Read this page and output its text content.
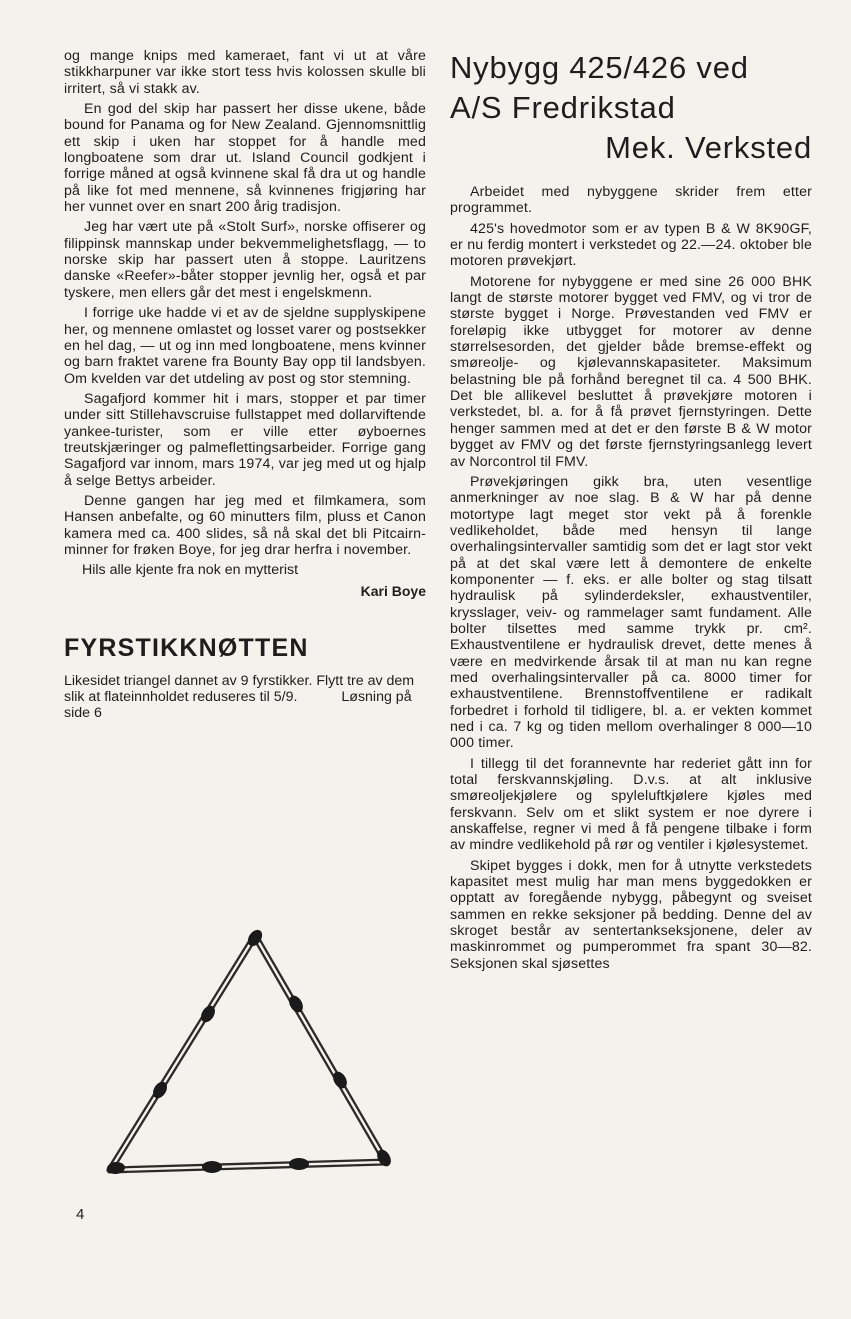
og mange knips med kameraet, fant vi ut at våre stikkharpuner var ikke stort tess hvis kolossen skulle bli irritert, så vi stakk av.

En god del skip har passert her disse ukene, både bound for Panama og for New Zealand. Gjennomsnittlig ett skip i uken har stoppet for å handle med longboatene som drar ut. Island Council godkjent i forrige måned at også kvinnene skal få dra ut og handle på like fot med mennene, så kvinnenes frigjøring har her vunnet over en snart 200 årig tradisjon.

Jeg har vært ute på «Stolt Surf», norske offiserer og filippinsk mannskap under bekvemmelighetsflagg, — to norske skip har passert uten å stoppe. Lauritzens danske «Reefer»-båter stopper jevnlig her, også et par tyskere, men ellers går det mest i engelskmenn.

I forrige uke hadde vi et av de sjeldne supplyskipene her, og mennene omlastet og losset varer og postsekker en hel dag, — ut og inn med longboatene, mens kvinner og barn fraktet varene fra Bounty Bay opp til landsbyen. Om kvelden var det utdeling av post og stor stemning.

Sagafjord kommer hit i mars, stopper et par timer under sitt Stillehavscruise fullstappet med dollarviftende yankee-turister, som er ville etter øyboernes treutskjæringer og palmeflettingsarbeider. Forrige gang Sagafjord var innom, mars 1974, var jeg med ut og hjalp å selge Bettys arbeider.

Denne gangen har jeg med et filmkamera, som Hansen anbefalte, og 60 minutters film, pluss et Canon kamera med ca. 400 slides, så nå skal det bli Pitcairn-minner for frøken Boye, for jeg drar herfra i november.

Hils alle kjente fra nok en mytterist

Kari Boye

FYRSTIKKNØTTEN

Likesidet triangel dannet av 9 fyrstikker. Flytt tre av dem slik at flateinnholdet reduseres til 5/9.	Løsning på side 6

Nybygg 425/426 ved
A/S Fredrikstad
Mek. Verksted

Arbeidet med nybyggene skrider frem etter programmet.

425's hovedmotor som er av typen B & W 8K90GF, er nu ferdig montert i verkstedet og 22.—24. oktober ble motoren prøvekjørt.

Motorene for nybyggene er med sine 26 000 BHK langt de største motorer bygget ved FMV, og vi tror de største bygget i Norge. Prøvestanden ved FMV er foreløpig ikke utbygget for motorer av denne størrelsesorden, det gjelder både bremse-effekt og smøreolje- og kjølevannskapasiteter. Maksimum belastning ble på forhånd beregnet til ca. 4 500 BHK. Det ble allikevel besluttet å prøvekjøre motoren i verkstedet, bl. a. for å få prøvet fjernstyringen. Dette henger sammen med at det er den første B & W motor bygget av FMV og det første fjernstyringsanlegg levert av Norcontrol til FMV.

Prøvekjøringen gikk bra, uten vesentlige anmerkninger av noe slag. B & W har på denne motortype lagt meget stor vekt på å forenkle vedlikeholdet, både med hensyn til lange overhalingsintervaller samtidig som det er lagt stor vekt på at det skal være lett å demontere de enkelte komponenter — f. eks. er alle bolter og stag tilsatt hydraulisk på sylinderdeksler, exhaustventiler, krysslager, veiv- og rammelager samt fundament. Alle bolter tilsettes med samme trykk pr. cm². Exhaustventilene er hydraulisk drevet, dette menes å være en medvirkende årsak til at man nu kan regne med overhalingsintervaller på ca. 8000 timer for exhaustventilene. Brennstoffventilene er radikalt forbedret i forhold til tidligere, bl. a. er vekten kommet ned i ca. 7 kg og tiden mellom overhalinger 8 000—10 000 timer.

I tillegg til det forannevnte har rederiet gått inn for total ferskvannskjøling. D.v.s. at alt inklusive smøreoljekjølere og spyleluftkjølere kjøles med ferskvann. Selv om et slikt system er noe dyrere i anskaffelse, regner vi med å få pengene tilbake i form av mindre vedlikehold på rør og ventiler i kjølesystemet.

Skipet bygges i dokk, men for å utnytte verkstedets kapasitet mest mulig har man mens byggedokken er opptatt av foregående nybygg, påbegynt og sveiset sammen en rekke seksjoner på bedding. Denne del av skroget består av sentertankseksjonene, deler av maskinrommet og pumperommet fra spant 30—82. Seksjonen skal sjøsettes

4
